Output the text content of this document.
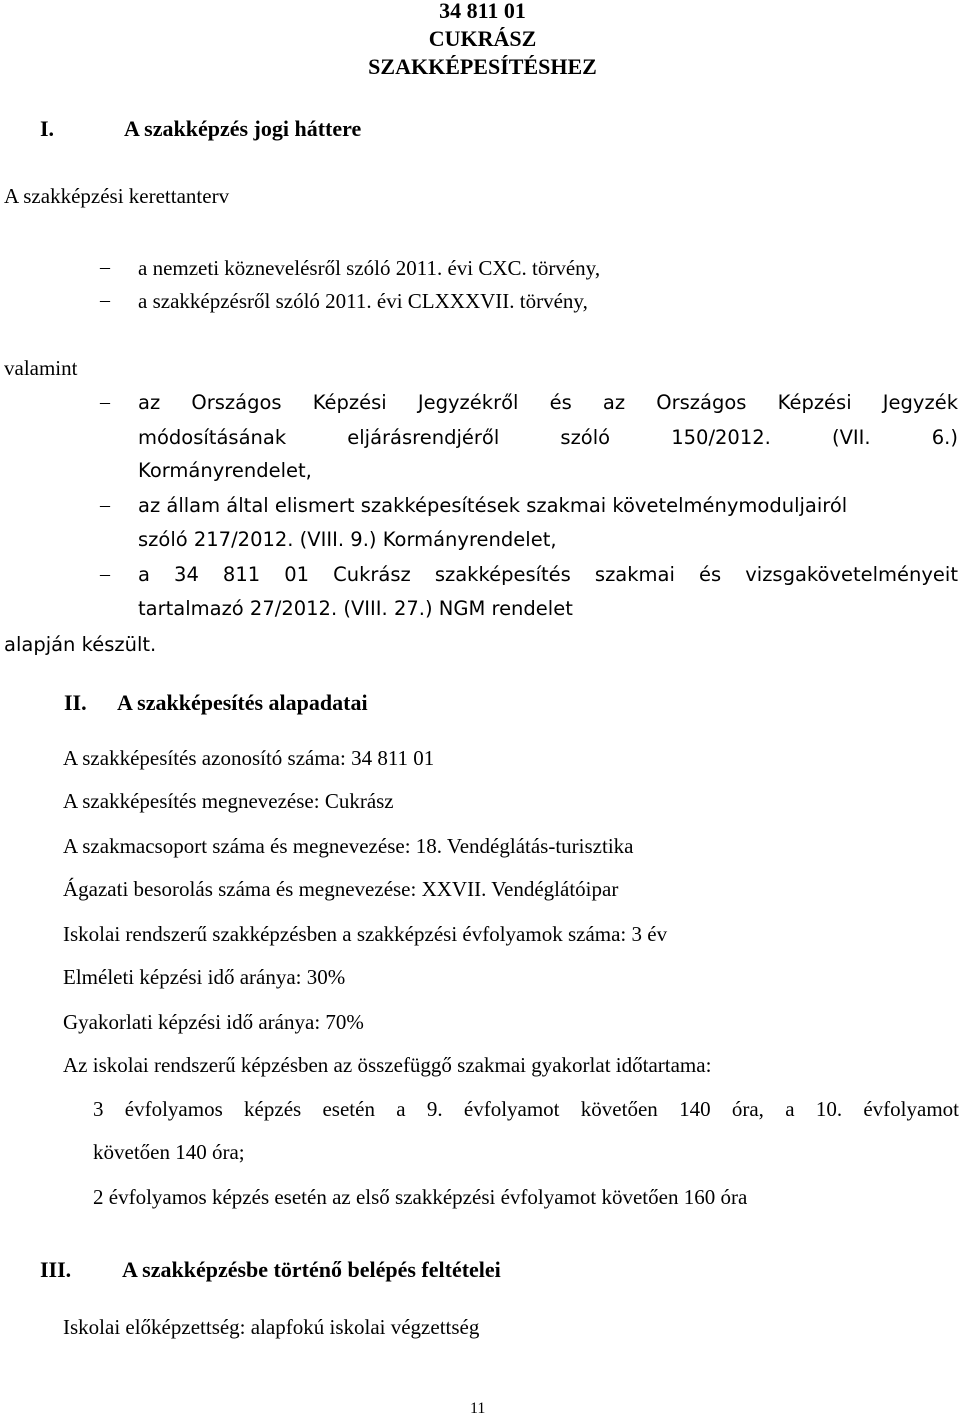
34 811 01
CUKRÁSZ
SZAKKÉPESÍTÉSHEZ
I.	A szakképzés jogi háttere
A szakképzési kerettanterv
– a nemzeti köznevelésről szóló 2011. évi CXC. törvény,
– a szakképzésről szóló 2011. évi CLXXXVII. törvény,
valamint
– az Országos Képzési Jegyzékről és az Országos Képzési Jegyzék
módosításának eljárásrendjéről szóló 150/2012. (VII. 6.)
Kormányrendelet,
– az állam által elismert szakképesítések szakmai követelménymoduljairól
szóló 217/2012. (VIII. 9.) Kormányrendelet,
– a 34 811 01 Cukrász szakképesítés szakmai és vizsgakövetelményeit
tartalmazó 27/2012. (VIII. 27.) NGM rendelet
alapján készült.
II. A szakképesítés alapadatai
A szakképesítés azonosító száma: 34 811 01
A szakképesítés megnevezése: Cukrász
A szakmacsoport száma és megnevezése: 18. Vendéglátás-turisztika
Ágazati besorolás száma és megnevezése: XXVII. Vendéglátóipar
Iskolai rendszerű szakképzésben a szakképzési évfolyamok száma: 3 év
Elméleti képzési idő aránya: 30%
Gyakorlati képzési idő aránya: 70%
Az iskolai rendszerű képzésben az összefüggő szakmai gyakorlat időtartama:
3 évfolyamos képzés esetén a 9. évfolyamot követően 140 óra, a 10. évfolyamot
követően 140 óra;
2 évfolyamos képzés esetén az első szakképzési évfolyamot követően 160 óra
III. A szakképzésbe történő belépés feltételei
Iskolai előképzettség: alapfokú iskolai végzettség
11
